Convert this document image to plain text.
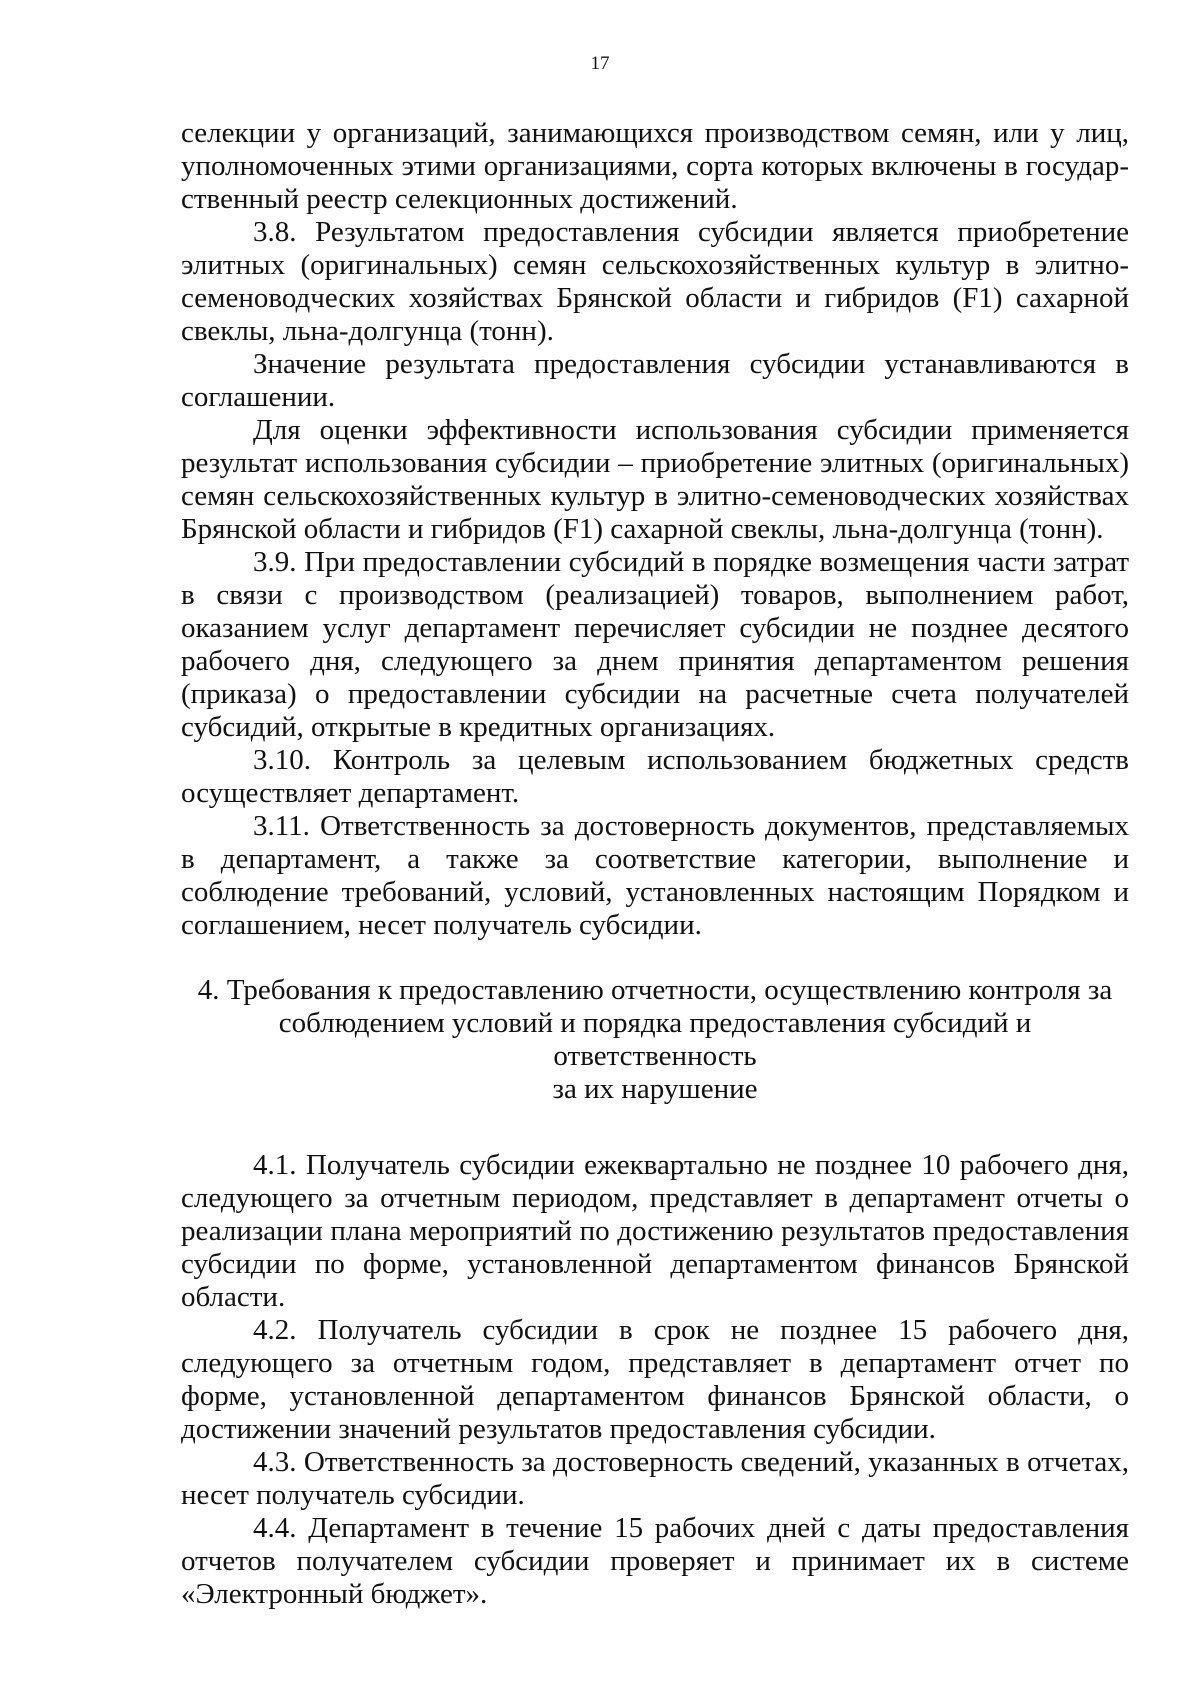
17

селекции у организаций, занимающихся производством семян, или у лиц, уполномоченных этими организациями, сорта которых включены в государственный реестр селекционных достижений.

3.8. Результатом предоставления субсидии является приобретение элитных (оригинальных) семян сельскохозяйственных культур в элитно-семеноводческих хозяйствах Брянской области и гибридов (F1) сахарной свеклы, льна-долгунца (тонн).

Значение результата предоставления субсидии устанавливаются в соглашении.

Для оценки эффективности использования субсидии применяется результат использования субсидии – приобретение элитных (оригинальных) семян сельскохозяйственных культур в элитно-семеноводческих хозяйствах Брянской области и гибридов (F1) сахарной свеклы, льна-долгунца (тонн).

3.9. При предоставлении субсидий в порядке возмещения части затрат в связи с производством (реализацией) товаров, выполнением работ, оказанием услуг департамент перечисляет субсидии не позднее десятого рабочего дня, следующего за днем принятия департаментом решения (приказа) о предоставлении субсидии на расчетные счета получателей субсидий, открытые в кредитных организациях.

3.10. Контроль за целевым использованием бюджетных средств осуществляет департамент.

3.11. Ответственность за достоверность документов, представляемых в департамент, а также за соответствие категории, выполнение и соблюдение требований, условий, установленных настоящим Порядком и соглашением, несет получатель субсидии.

4. Требования к предоставлению отчетности, осуществлению контроля за
соблюдением условий и порядка предоставления субсидий и ответственность
за их нарушение

4.1. Получатель субсидии ежеквартально не позднее 10 рабочего дня, следующего за отчетным периодом, представляет в департамент отчеты о реализации плана мероприятий по достижению результатов предоставления субсидии по форме, установленной департаментом финансов Брянской области.

4.2. Получатель субсидии в срок не позднее 15 рабочего дня, следующего за отчетным годом, представляет в департамент отчет по форме, установленной департаментом финансов Брянской области, о достижении значений результатов предоставления субсидии.

4.3. Ответственность за достоверность сведений, указанных в отчетах, несет получатель субсидии.

4.4. Департамент в течение 15 рабочих дней с даты предоставления отчетов получателем субсидии проверяет и принимает их в системе «Электронный бюджет».
